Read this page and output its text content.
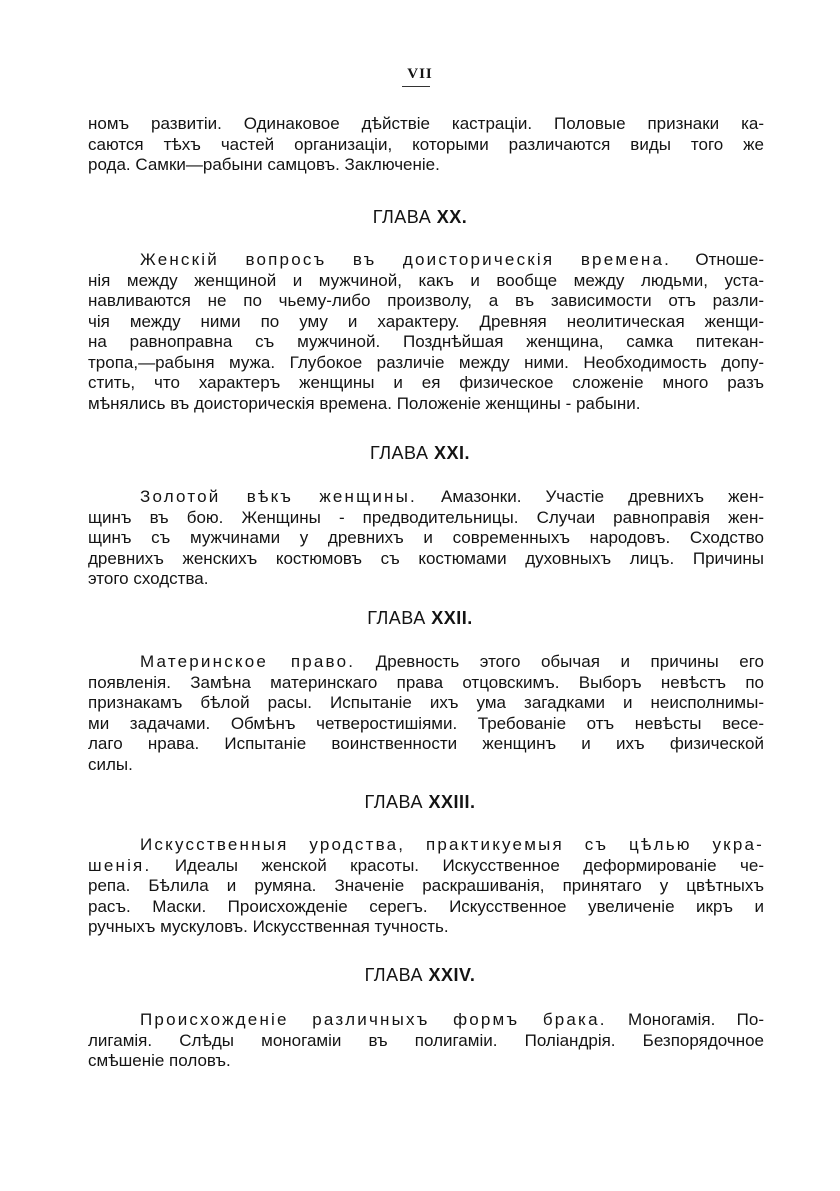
VII

номъ развитіи. Одинаковое дѣйствіе кастраціи. Половые признаки ка-
саются тѣхъ частей организаціи, которыми различаются виды того же
рода. Самки—рабыни самцовъ. Заключеніе.

ГЛАВА XX.

Женскій вопросъ въ доисторическія времена. Отноше-
нія между женщиной и мужчиной, какъ и вообще между людьми, уста-
навливаются не по чьему-либо произволу, а въ зависимости отъ разли-
чія между ними по уму и характеру. Древняя неолитическая женщи-
на равноправна съ мужчиной. Позднѣйшая женщина, самка питекан-
тропа,—рабыня мужа. Глубокое различіе между ними. Необходимость допу-
стить, что характеръ женщины и ея физическое сложеніе много разъ
мѣнялись въ доисторическія времена. Положеніе женщины - рабыни.

ГЛАВА XXI.

Золотой вѣкъ женщины. Амазонки. Участіе древнихъ жен-
щинъ въ бою. Женщины - предводительницы. Случаи равноправія жен-
щинъ съ мужчинами у древнихъ и современныхъ народовъ. Сходство
древнихъ женскихъ костюмовъ съ костюмами духовныхъ лицъ. Причины
этого сходства.

ГЛАВА XXII.

Материнское право. Древность этого обычая и причины его
появленія. Замѣна материнскаго права отцовскимъ. Выборъ невѣстъ по
признакамъ бѣлой расы. Испытаніе ихъ ума загадками и неисполнимы-
ми задачами. Обмѣнъ четверостишіями. Требованіе отъ невѣсты весе-
лаго нрава. Испытаніе воинственности женщинъ и ихъ физической
силы.

ГЛАВА XXIII.

Искусственныя уродства, практикуемыя съ цѣлью укра-
шенія. Идеалы женской красоты. Искусственное деформированіе че-
репа. Бѣлила и румяна. Значеніе раскрашиванія, принятаго у цвѣтныхъ
расъ. Маски. Происхожденіе серегъ. Искусственное увеличеніе икръ и
ручныхъ мускуловъ. Искусственная тучность.

ГЛАВА XXIV.

Происхожденіе различныхъ формъ брака. Моногамія. По-
лигамія. Слѣды моногаміи въ полигаміи. Поліандрія. Безпорядочное
смѣшеніе половъ.
